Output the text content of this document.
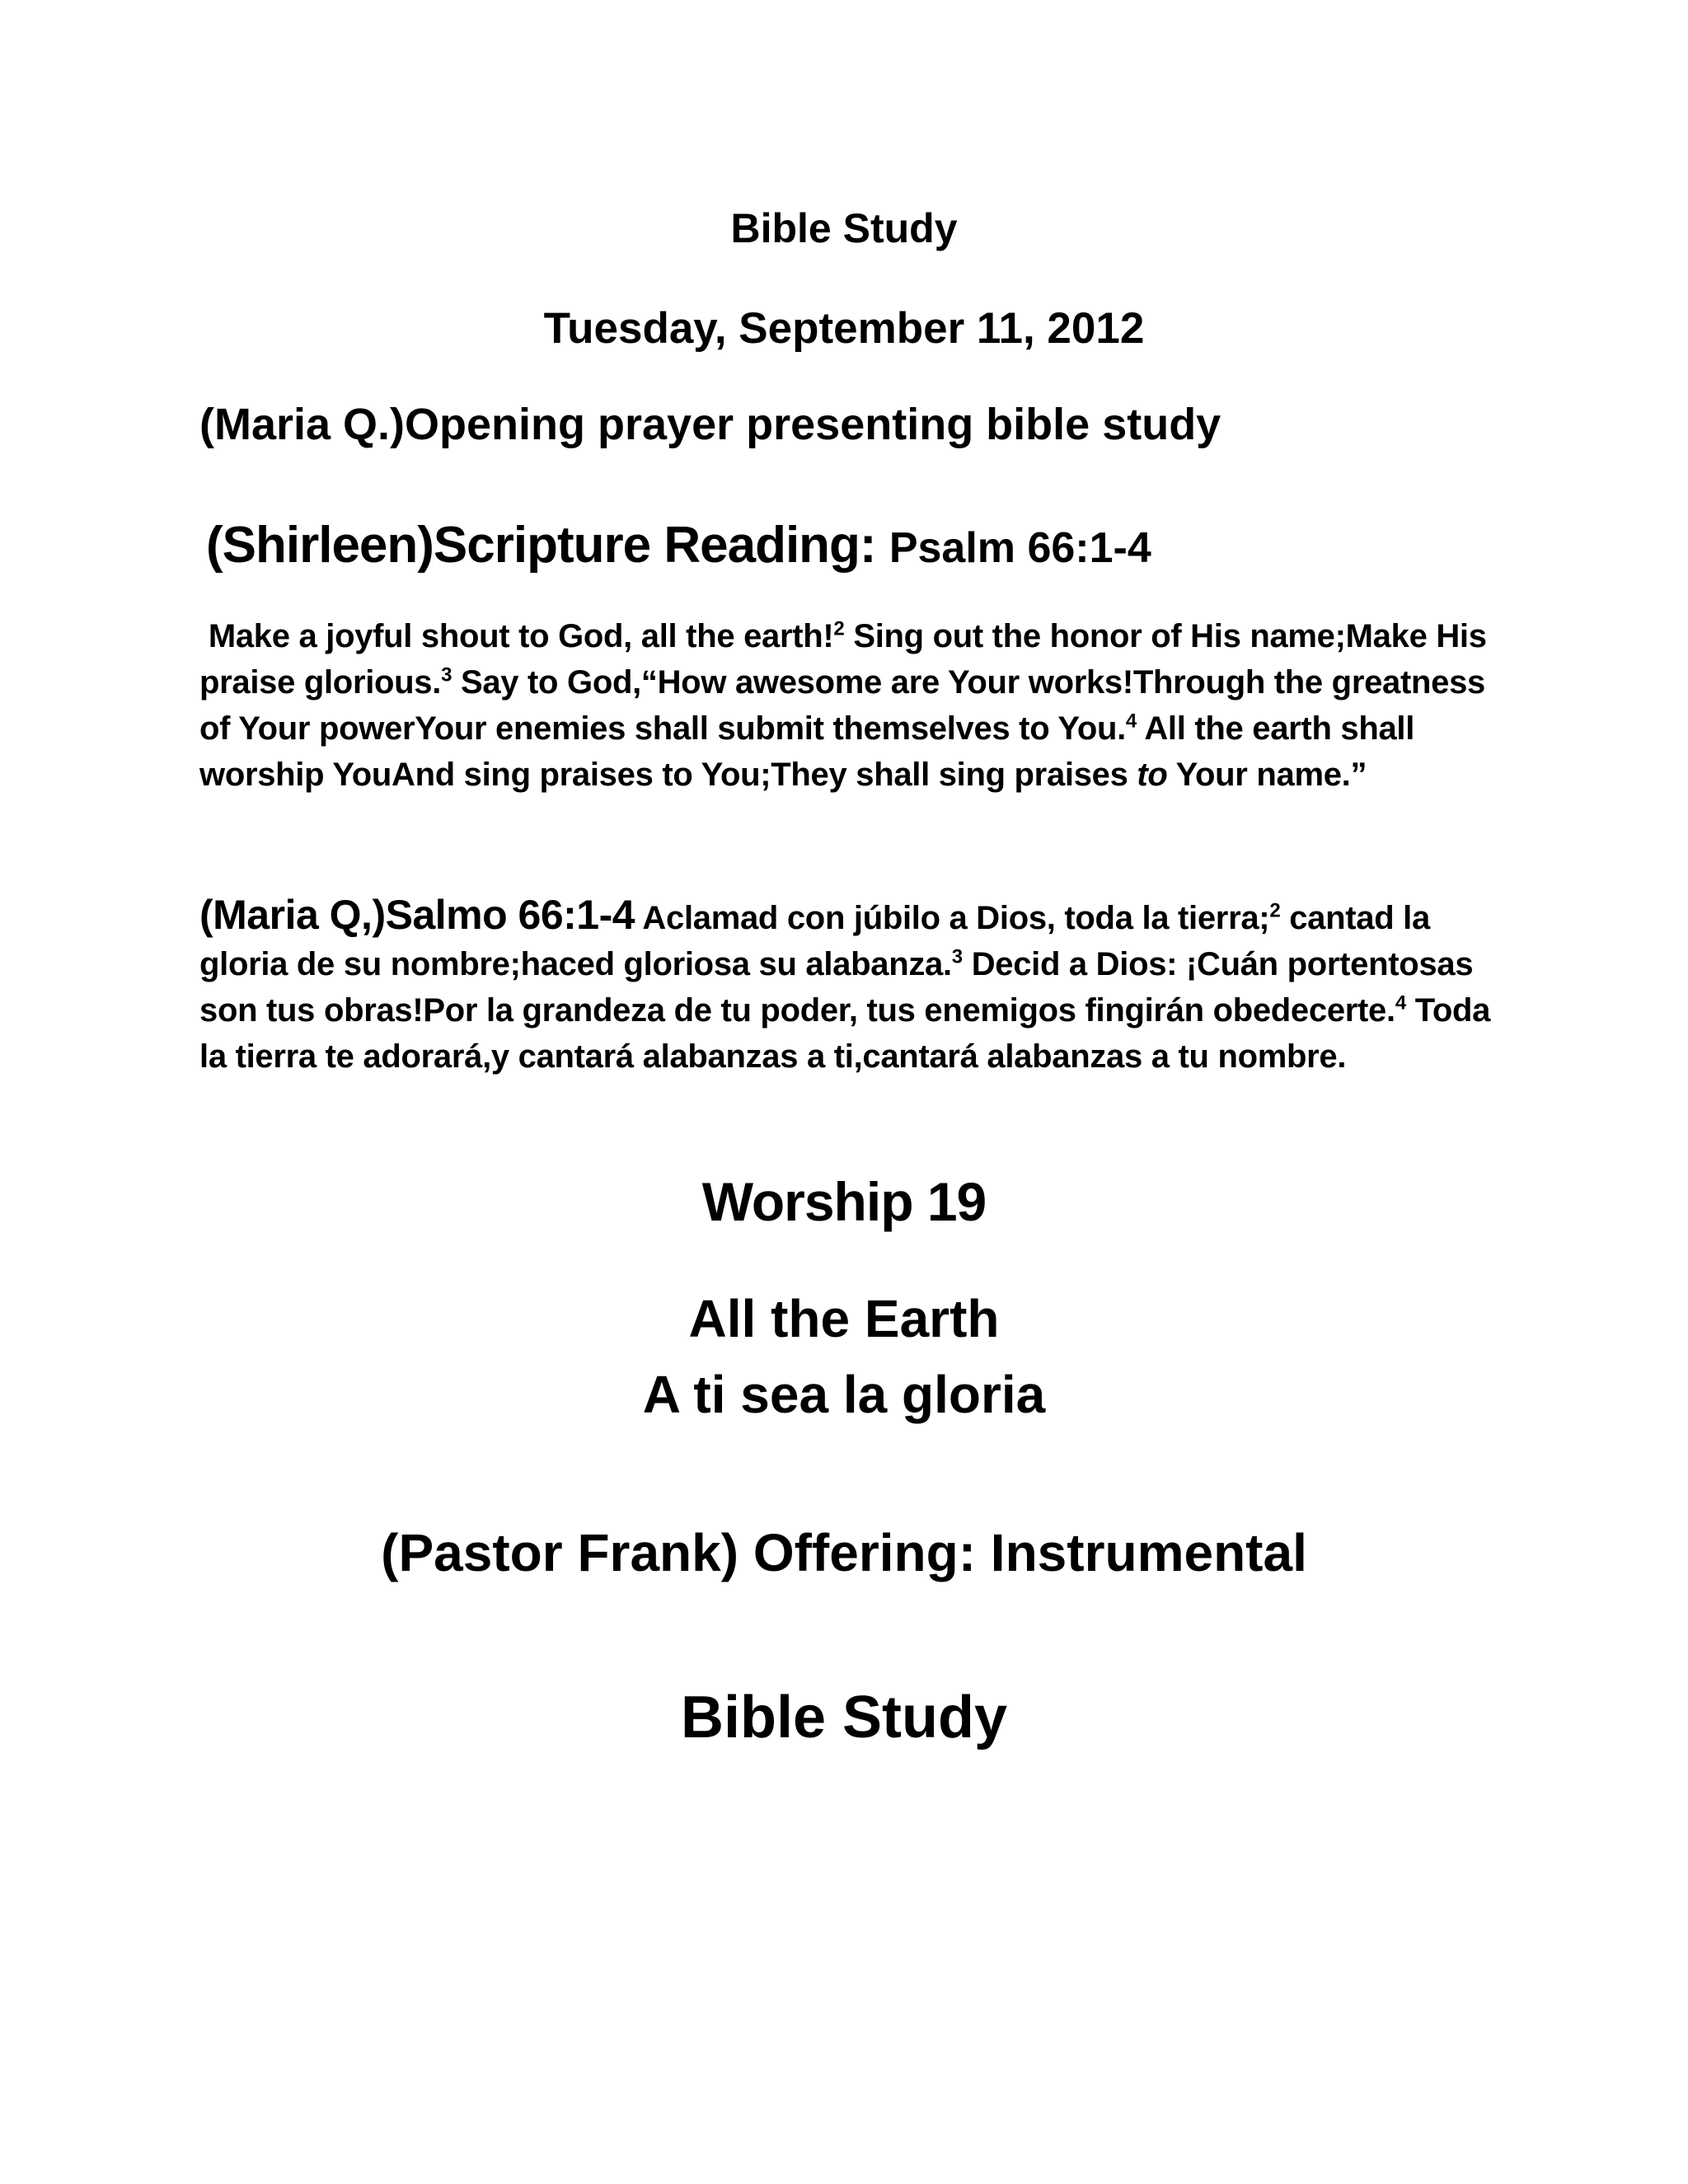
Bible Study
Tuesday, September 11, 2012
(Maria Q.)Opening prayer presenting bible study
(Shirleen)Scripture Reading: Psalm 66:1-4
Make a joyful shout to God, all the earth!$^2$ Sing out the honor of His name;Make His praise glorious.$^3$ Say to God,“How awesome are Your works!Through the greatness of Your powerYour enemies shall submit themselves to You.$^4$ All the earth shall worship YouAnd sing praises to You;They shall sing praises to Your name.”
(Maria Q,)Salmo 66:1-4 Aclamad con júbilo a Dios, toda la tierra;$^2$ cantad la gloria de su nombre;haced gloriosa su alabanza.$^3$ Decid a Dios: ¡Cuán portentosas son tus obras!Por la grandeza de tu poder, tus enemigos fingirán obedecerte.$^4$ Toda la tierra te adorará,y cantará alabanzas a ti,cantará alabanzas a tu nombre.
Worship 19
All the Earth
A ti sea la gloria
(Pastor Frank) Offering: Instrumental
Bible Study
